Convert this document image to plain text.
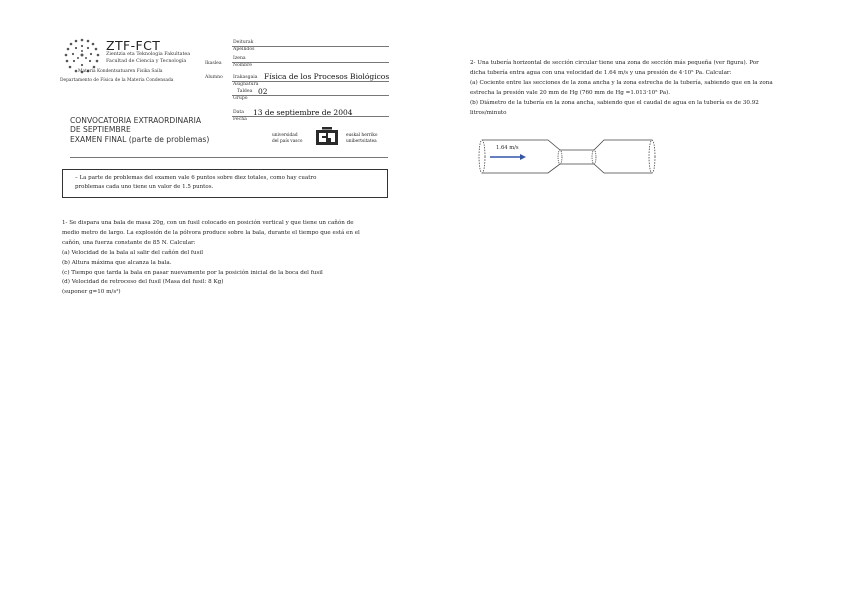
ZTF-FCT
Zientzia eta Teknologia Fakultatea
Facultad de Ciencia y Tecnología
Materia Kondentsatuaren Fisika Saila
Departamento de Física de la Materia Condensada
Ikaslea
Alumno
Deiturak
Apellidos
Izena
Nombre
Irakasgaia Física de los Procesos Biológicos
Asignatura
Taldea 02
Grupo
Data 13 de septiembre de 2004
Fecha
universidad
del país vasco
euskal herriko
unibertsitatea
CONVOCATORIA EXTRAORDINARIA
DE SEPTIEMBRE
EXAMEN FINAL (parte de problemas)
– La parte de problemas del examen vale 6 puntos sobre diez totales, como hay cuatro
problemas cada uno tiene un valor de 1.5 puntos.
1- Se dispara una bala de masa 20g, con un fusil colocado en posición vertical y que tiene un cañón de
medio metro de largo. La explosión de la pólvora produce sobre la bala, durante el tiempo que está en el
cañón, una fuerza constante de 85 N. Calcular:
(a) Velocidad de la bala al salir del cañón del fusil
(b) Altura máxima que alcanza la bala.
(c) Tiempo que tarda la bala en pasar nuevamente por la posición inicial de la boca del fusil
(d) Velocidad de retroceso del fusil (Masa del fusil: 8 Kg)
(suponer g=10 m/s²)
2- Una tubería horizontal de sección circular tiene una zona de sección más pequeña (ver figura). Por
dicha tubería entra agua con una velocidad de 1.64 m/s y una presión de 4·10⁵ Pa. Calcular:
(a) Cociente entre las secciones de la zona ancha y la zona estrecha de la tubería, sabiendo que en la zona
estrecha la presión vale 20 mm de Hg (760 mm de Hg =1.013·10⁵ Pa).
(b) Diámetro de la tubería en la zona ancha, sabiendo que el caudal de agua en la tubería es de 30.92
litros/minuto
1.64 m/s
